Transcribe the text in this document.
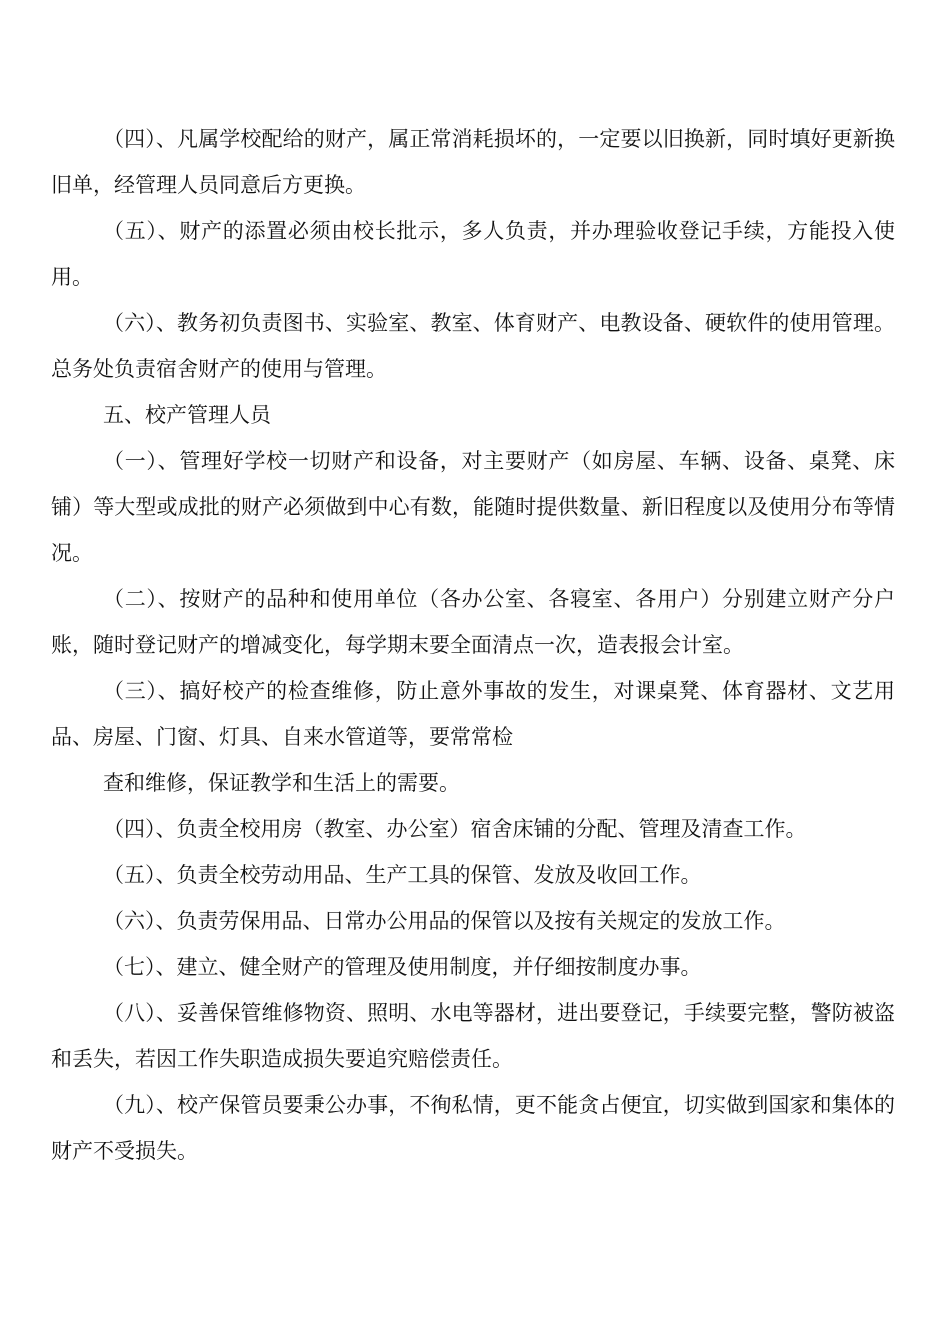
（四）、凡属学校配给的财产，属正常消耗损坏的，一定要以旧换新，同时填好更新换旧单，经管理人员同意后方更换。

（五）、财产的添置必须由校长批示，多人负责，并办理验收登记手续，方能投入使用。

（六）、教务初负责图书、实验室、教室、体育财产、电教设备、硬软件的使用管理。总务处负责宿舍财产的使用与管理。

五、校产管理人员

（一）、管理好学校一切财产和设备，对主要财产（如房屋、车辆、设备、桌凳、床铺）等大型或成批的财产必须做到中心有数，能随时提供数量、新旧程度以及使用分布等情况。

（二）、按财产的品种和使用单位（各办公室、各寝室、各用户）分别建立财产分户账，随时登记财产的增减变化，每学期末要全面清点一次，造表报会计室。

（三）、搞好校产的检查维修，防止意外事故的发生，对课桌凳、体育器材、文艺用品、房屋、门窗、灯具、自来水管道等，要常常检

查和维修，保证教学和生活上的需要。

（四）、负责全校用房（教室、办公室）宿舍床铺的分配、管理及清查工作。

（五）、负责全校劳动用品、生产工具的保管、发放及收回工作。

（六）、负责劳保用品、日常办公用品的保管以及按有关规定的发放工作。

（七）、建立、健全财产的管理及使用制度，并仔细按制度办事。

（八）、妥善保管维修物资、照明、水电等器材，进出要登记，手续要完整，警防被盗和丢失，若因工作失职造成损失要追究赔偿责任。

（九）、校产保管员要秉公办事，不徇私情，更不能贪占便宜，切实做到国家和集体的财产不受损失。
